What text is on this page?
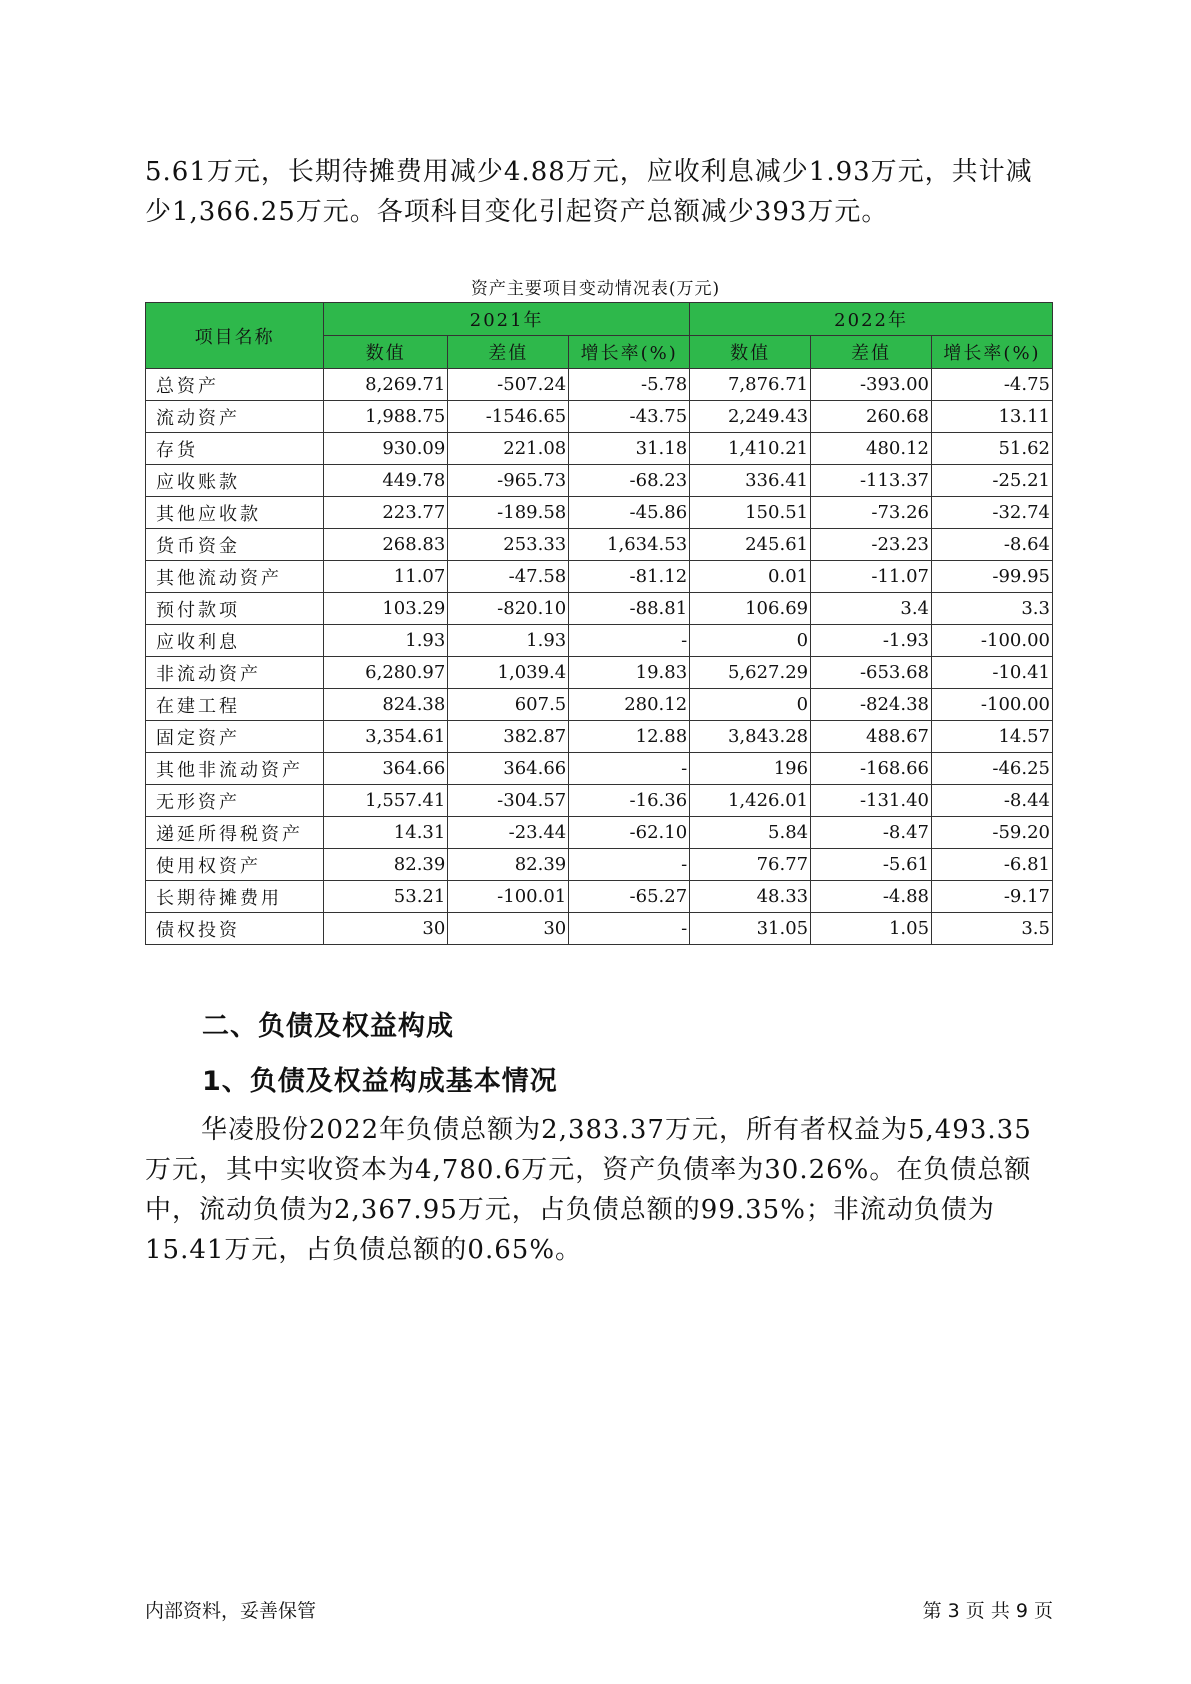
5.61万元，长期待摊费用减少4.88万元，应收利息减少1.93万元，共计减少1,366.25万元。各项科目变化引起资产总额减少393万元。

资产主要项目变动情况表(万元)
项目名称	2021年			2022年		
	数值	差值	增长率(%)	数值	差值	增长率(%)
总资产	8,269.71	-507.24	-5.78	7,876.71	-393.00	-4.75
流动资产	1,988.75	-1546.65	-43.75	2,249.43	260.68	13.11
存货	930.09	221.08	31.18	1,410.21	480.12	51.62
应收账款	449.78	-965.73	-68.23	336.41	-113.37	-25.21
其他应收款	223.77	-189.58	-45.86	150.51	-73.26	-32.74
货币资金	268.83	253.33	1,634.53	245.61	-23.23	-8.64
其他流动资产	11.07	-47.58	-81.12	0.01	-11.07	-99.95
预付款项	103.29	-820.10	-88.81	106.69	3.4	3.3
应收利息	1.93	1.93	-	0	-1.93	-100.00
非流动资产	6,280.97	1,039.4	19.83	5,627.29	-653.68	-10.41
在建工程	824.38	607.5	280.12	0	-824.38	-100.00
固定资产	3,354.61	382.87	12.88	3,843.28	488.67	14.57
其他非流动资产	364.66	364.66	-	196	-168.66	-46.25
无形资产	1,557.41	-304.57	-16.36	1,426.01	-131.40	-8.44
递延所得税资产	14.31	-23.44	-62.10	5.84	-8.47	-59.20
使用权资产	82.39	82.39	-	76.77	-5.61	-6.81
长期待摊费用	53.21	-100.01	-65.27	48.33	-4.88	-9.17
债权投资	30	30	-	31.05	1.05	3.5
二、负债及权益构成
1、负债及权益构成基本情况

华凌股份2022年负债总额为2,383.37万元，所有者权益为5,493.35万元，其中实收资本为4,780.6万元，资产负债率为30.26%。在负债总额中，流动负债为2,367.95万元，占负债总额的99.35%；非流动负债为15.41万元，占负债总额的0.65%。

内部资料，妥善保管	第 3 页 共 9 页
